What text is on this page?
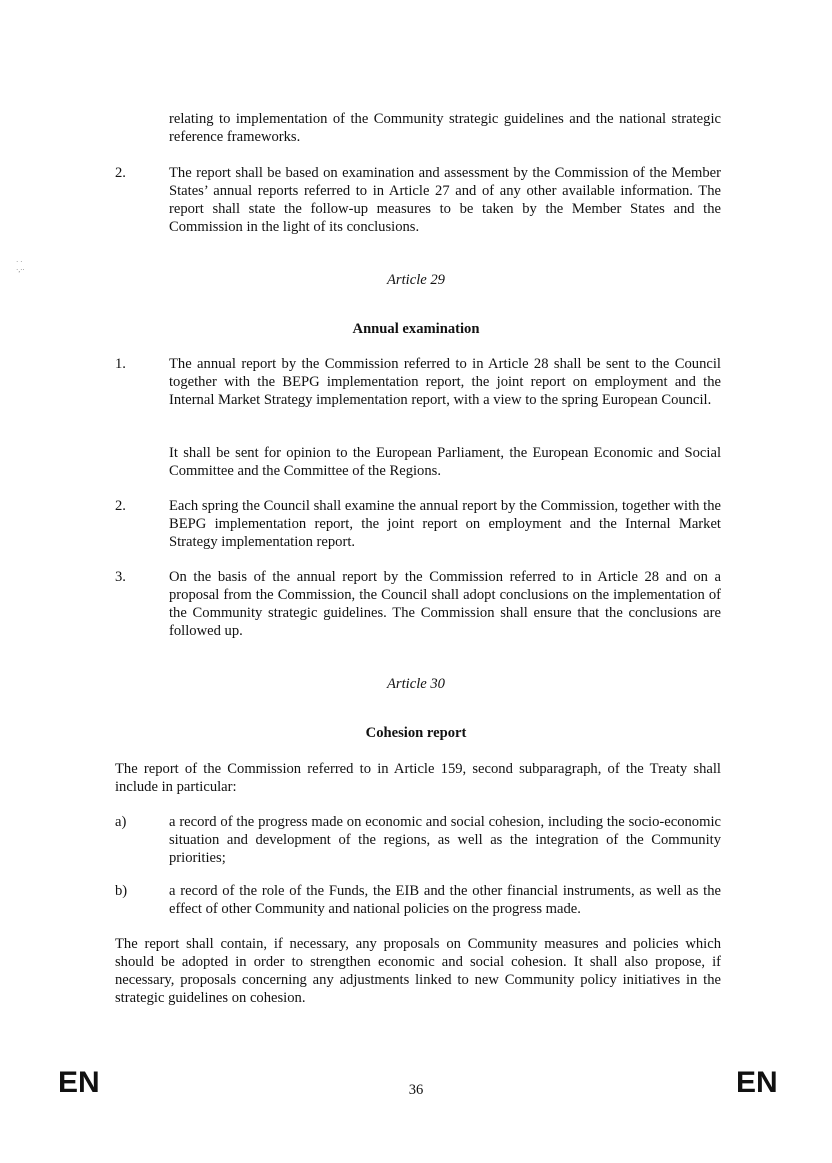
· ·
·,··
relating to implementation of the Community strategic guidelines and the national strategic reference frameworks.
2.	The report shall be based on examination and assessment by the Commission of the Member States’ annual reports referred to in Article 27 and of any other available information. The report shall state the follow-up measures to be taken by the Member States and the Commission in the light of its conclusions.
Article 29
Annual examination
1.	The annual report by the Commission referred to in Article 28 shall be sent to the Council together with the BEPG implementation report, the joint report on employment and the Internal Market Strategy implementation report, with a view to the spring European Council.
It shall be sent for opinion to the European Parliament, the European Economic and Social Committee and the Committee of the Regions.
2.	Each spring the Council shall examine the annual report by the Commission, together with the BEPG implementation report, the joint report on employment and the Internal Market Strategy implementation report.
3.	On the basis of the annual report by the Commission referred to in Article 28 and on a proposal from the Commission, the Council shall adopt conclusions on the implementation of the Community strategic guidelines. The Commission shall ensure that the conclusions are followed up.
Article 30
Cohesion report
The report of the Commission referred to in Article 159, second subparagraph, of the Treaty shall include in particular:
a)	a record of the progress made on economic and social cohesion, including the socio-economic situation and development of the regions, as well as the integration of the Community priorities;
b)	a record of the role of the Funds, the EIB and the other financial instruments, as well as the effect of other Community and national policies on the progress made.
The report shall contain, if necessary, any proposals on Community measures and policies which should be adopted in order to strengthen economic and social cohesion. It shall also propose, if necessary, proposals concerning any adjustments linked to new Community policy initiatives in the strategic guidelines on cohesion.
EN	36	EN
